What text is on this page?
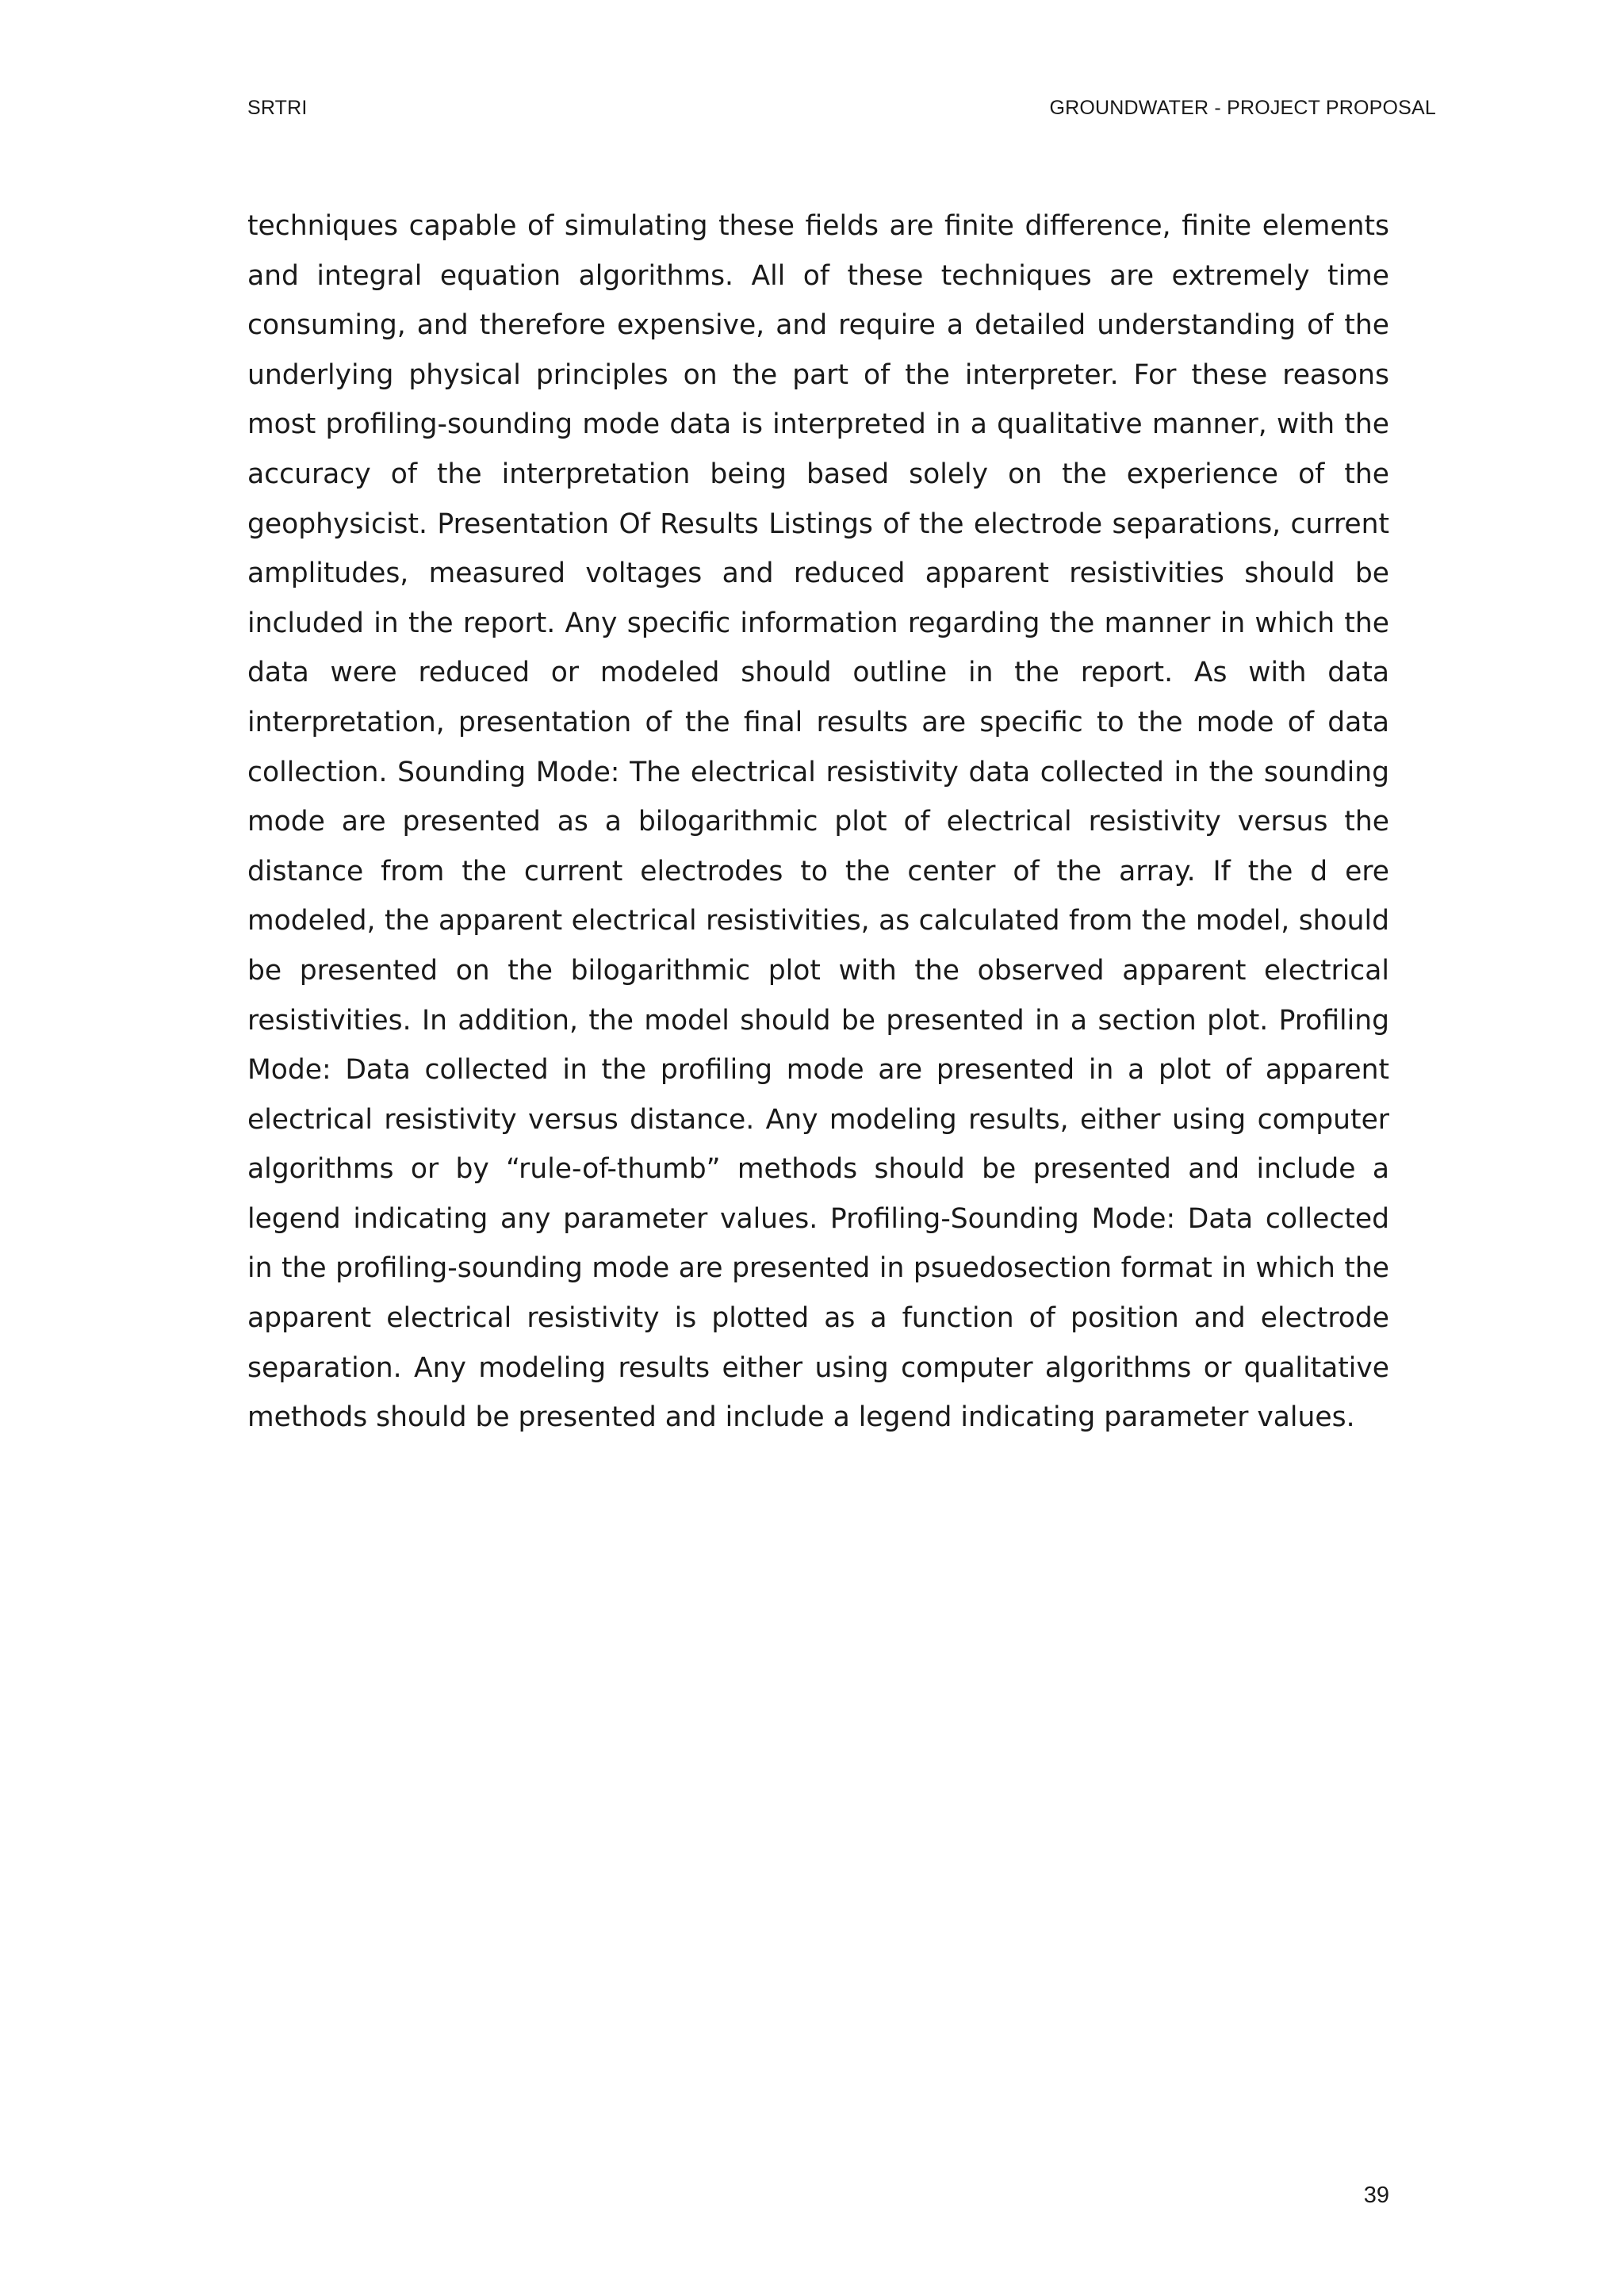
SRTRI	GROUNDWATER - PROJECT PROPOSAL

techniques capable of simulating these fields are finite difference, finite elements and integral equation algorithms. All of these techniques are extremely time consuming, and therefore expensive, and require a detailed understanding of the underlying physical principles on the part of the interpreter. For these reasons most profiling-sounding mode data is interpreted in a qualitative manner, with the accuracy of the interpretation being based solely on the experience of the geophysicist. Presentation Of Results Listings of the electrode separations, current amplitudes, measured voltages and reduced apparent resistivities should be included in the report. Any specific information regarding the manner in which the data were reduced or modeled should outline in the report. As with data interpretation, presentation of the final results are specific to the mode of data collection. Sounding Mode: The electrical resistivity data collected in the sounding mode are presented as a bilogarithmic plot of electrical resistivity versus the distance from the current electrodes to the center of the array. If the d ere modeled, the apparent electrical resistivities, as calculated from the model, should be presented on the bilogarithmic plot with the observed apparent electrical resistivities. In addition, the model should be presented in a section plot. Profiling Mode: Data collected in the profiling mode are presented in a plot of apparent electrical resistivity versus distance. Any modeling results, either using computer algorithms or by “rule-of-thumb” methods should be presented and include a legend indicating any parameter values. Profiling-Sounding Mode: Data collected in the profiling-sounding mode are presented in psuedosection format in which the apparent electrical resistivity is plotted as a function of position and electrode separation. Any modeling results either using computer algorithms or qualitative methods should be presented and include a legend indicating parameter values.

39
